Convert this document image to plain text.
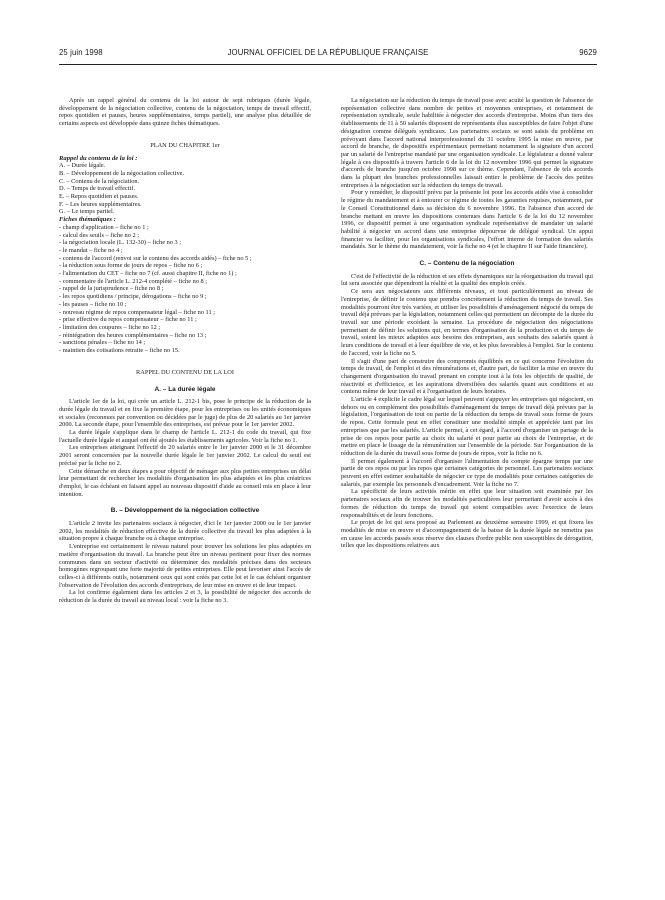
25 juin 1998	JOURNAL OFFICIEL DE LA RÉPUBLIQUE FRANÇAISE	9629

Après un rappel général du contenu de la loi autour de sept rubriques (durée légale, développement de la négociation collective, contenu de la négociation, temps de travail effectif, repos quotidien et pauses, heures supplémentaires, temps partiel), une analyse plus détaillée de certains aspects est développée dans quinze fiches thématiques.

PLAN DU CHAPITRE 1er

Rappel du contenu de la loi :

A. – Durée légale.
B. – Développement de la négociation collective.
C. – Contenu de la négociation.
D. – Temps de travail effectif.
E. – Repos quotidien et pauses.
F. – Les heures supplémentaires.
G. – Le temps partiel.

Fiches thématiques :

- champ d'application – fiche no 1 ;
- calcul des seuils – fiche no 2 ;
- la négociation locale (L. 132-30) – fiche no 3 ;
- le mandat – fiche no 4 ;
- contenu de l'accord (renvoi sur le contenu des accords aidés) – fiche no 5 ;
- la réduction sous forme de jours de repos – fiche no 6 ;
- l'alimentation du CET – fiche no 7 (cf. aussi chapitre II, fiche no 1) ;
- commentaire de l'article L. 212-4 complété – fiche no 8 ;
- rappel de la jurisprudence – fiche no 8 ;
- les repos quotidiens / principe, dérogations – fiche no 9 ;
- les pauses – fiche no 10 ;
- nouveau régime de repos compensateur légal – fiche no 11 ;
- prise effective du repos compensateur – fiche no 11 ;
- limitation des coupures – fiche no 12 ;
- réintégration des heures complémentaires – fiche no 13 ;
- sanctions pénales – fiche no 14 ;
- maintien des cotisations retraite – fiche no 15.

RAPPEL DU CONTENU DE LA LOI

A. – La durée légale

L'article 1er de la loi, qui crée un article L. 212-1 bis, pose le principe de la réduction de la durée légale du travail et en fixe la première étape, pour les entreprises ou les unités économiques et sociales (reconnues par convention ou décidées par le juge) de plus de 20 salariés au 1er janvier 2000. La seconde étape, pour l'ensemble des entreprises, est prévue pour le 1er janvier 2002.

La durée légale s'applique dans le champ de l'article L. 212-1 du code du travail, qui fixe l'actuelle durée légale et auquel ont été ajoutés les établissements agricoles. Voir la fiche no 1.

Les entreprises atteignant l'effectif de 20 salariés entre le 1er janvier 2000 et le 31 décembre 2001 seront concernées par la nouvelle durée légale le 1er janvier 2002. Le calcul du seuil est précisé par la fiche no 2.

Cette démarche en deux étapes a pour objectif de ménager aux plus petites entreprises un délai leur permettant de rechercher les modalités d'organisation les plus adaptées et les plus créatrices d'emploi, le cas échéant en faisant appel au nouveau dispositif d'aide au conseil mis en place à leur intention.

B. – Développement de la négociation collective

L'article 2 invite les partenaires sociaux à négocier, d'ici le 1er janvier 2000 ou le 1er janvier 2002, les modalités de réduction effective de la durée collective du travail les plus adaptées à la situation propre à chaque branche ou à chaque entreprise.

L'entreprise est certainement le niveau naturel pour trouver les solutions les plus adaptées en matière d'organisation du travail. La branche peut être un niveau pertinent pour fixer des normes communes dans un secteur d'activité ou déterminer des modalités précises dans des secteurs homogènes regroupant une forte majorité de petites entreprises. Elle peut favoriser ainsi l'accès de celles-ci à différents outils, notamment ceux qui sont créés par cette loi et le cas échéant organiser l'observation de l'évolution des accords d'entreprises, de leur mise en œuvre et de leur impact.

La loi confirme également dans les articles 2 et 3, la possibilité de négocier des accords de réduction de la durée du travail au niveau local : voir la fiche no 3.

La négociation sur la réduction du temps de travail pose avec acuité la question de l'absence de représentation collective dans nombre de petites et moyennes entreprises, et notamment de représentation syndicale, seule habilitée à négocier des accords d'entreprise. Moins d'un tiers des établissements de 11 à 50 salariés disposent de représentants élus susceptibles de faire l'objet d'une désignation comme délégués syndicaux. Les partenaires sociaux se sont saisis du problème en prévoyant dans l'accord national interprofessionnel du 31 octobre 1995 la mise en œuvre, par accord de branche, de dispositifs expérimentaux permettant notamment la signature d'un accord par un salarié de l'entreprise mandaté par une organisation syndicale. Le législateur a donné valeur légale à ces dispositifs à travers l'article 6 de la loi du 12 novembre 1996 qui permet la signature d'accords de branche jusqu'en octobre 1998 sur ce thème. Cependant, l'absence de tels accords dans la plupart des branches professionnelles laissait entier le problème de l'accès des petites entreprises à la négociation sur la réduction du temps de travail.

Pour y remédier, le dispositif prévu par la présente loi pour les accords aidés vise à consolider le régime du mandatement et à entourer ce régime de toutes les garanties requises, notamment, par le Conseil Constitutionnel dans sa décision du 6 novembre 1996. En l'absence d'un accord de branche mettant en œuvre les dispositions contenues dans l'article 6 de la loi du 12 novembre 1996, ce dispositif permet à une organisation syndicale représentative de mandater un salarié habilité à négocier un accord dans une entreprise dépourvue de délégué syndical. Un appui financier va faciliter, pour les organisations syndicales, l'effort interne de formation des salariés mandatés. Sur le thème du mandatement, voir la fiche no 4 (et le chapitre II sur l'aide financière).

C. – Contenu de la négociation

C'est de l'effectivité de la réduction et ses effets dynamiques sur la réorganisation du travail qui lui sera associée que dépendront la réalité et la qualité des emplois créés.

Ce sera aux négociateurs aux différents niveaux, et tout particulièrement au niveau de l'entreprise, de définir le contenu que prendra concrètement la réduction du temps de travail. Ses modalités pourront être très variées, et utiliser les possibilités d'aménagement négocié du temps de travail déjà prévues par la législation, notamment celles qui permettent un décompte de la durée du travail sur une période excédant la semaine. La procédure de négociation des négociations permettant de définir les solutions qui, en termes d'organisation de la production et du temps de travail, soient les mieux adaptées aux besoins des entreprises, aux souhaits des salariés quant à leurs conditions de travail et à leur équilibre de vie, et les plus favorables à l'emploi. Sur le contenu de l'accord, voir la fiche no 5.

Il s'agit d'une part de construire des compromis équilibrés en ce qui concerne l'évolution du temps de travail, de l'emploi et des rémunérations et, d'autre part, de faciliter la mise en œuvre du changement d'organisation du travail prenant en compte tout à la fois les objectifs de qualité, de réactivité et d'efficience, et les aspirations diversifiées des salariés quant aux conditions et au contenu même de leur travail et à l'organisation de leurs horaires.

L'article 4 explicite le cadre légal sur lequel peuvent s'appuyer les entreprises qui négocient, en dehors ou en complément des possibilités d'aménagement du temps de travail déjà prévues par la législation, l'organisation de tout ou partie de la réduction du temps de travail sous forme de jours de repos. Cette formule peut en effet constituer une modalité simple et appréciée tant par les entreprises que par les salariés. L'article permet, à cet égard, à l'accord d'organiser un partage de la prise de ces repos pour partie au choix du salarié et pour partie au choix de l'entreprise, et de mettre en place le lissage de la rémunération sur l'ensemble de la période. Sur l'organisation de la réduction de la durée du travail sous forme de jours de repos, voir la fiche no 6.

Il permet également à l'accord d'organiser l'alimentation du compte épargne temps par une partie de ces repos ou par les repos que certaines catégories de personnel. Les partenaires sociaux peuvent en effet estimer souhaitable de négocier ce type de modalités pour certaines catégories de salariés, par exemple les personnels d'encadrement. Voir la fiche no 7.

La spécificité de leurs activités mérite en effet que leur situation soit examinée par les partenaires sociaux afin de trouver les modalités particulières leur permettant d'avoir accès à des formes de réduction du temps de travail qui soient compatibles avec l'exercice de leurs responsabilités et de leurs fonctions.

Le projet de loi qui sera proposé au Parlement au deuxième semestre 1999, et qui fixera les modalités de mise en œuvre et d'accompagnement de la baisse de la durée légale ne remettra pas en cause les accords passés sous réserve des clauses d'ordre public non susceptibles de dérogation, telles que les dispositions relatives aux
